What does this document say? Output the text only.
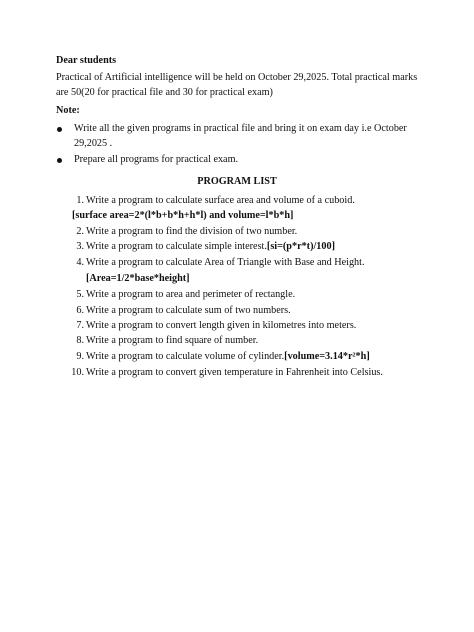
Dear students
Practical of Artificial intelligence will be held on October 29,2025. Total practical marks are 50(20 for practical file and 30 for practical exam)
Note:
Write all the given programs in practical file and bring it on exam day i.e October 29,2025 .
Prepare all programs for practical exam.
PROGRAM LIST
1. Write a program to calculate surface area and volume of a cuboid.
[surface area=2*(l*b+b*h+h*l) and volume=l*b*h]
2. Write a program to find the division of two number.
3. Write a program to calculate simple interest.[si=(p*r*t)/100]
4. Write a program to calculate Area of Triangle with Base and Height.
[Area=1/2*base*height]
5. Write a program to area and perimeter of rectangle.
6. Write a program to calculate sum of two numbers.
7. Write a program to convert length given in kilometres into meters.
8. Write a program to find square of number.
9. Write a program to calculate volume of cylinder.[volume=3.14*r²*h]
10. Write a program to convert given temperature in Fahrenheit into Celsius.
